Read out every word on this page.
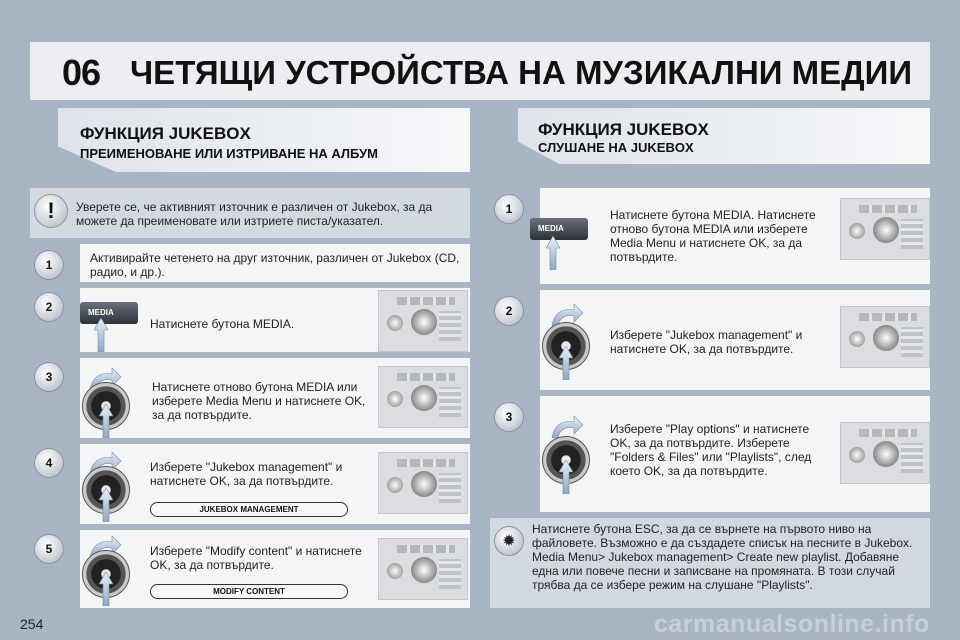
06 ЧЕТЯЩИ УСТРОЙСТВА НА МУЗИКАЛНИ МЕДИИ
ФУНКЦИЯ JUKEBOX
ПРЕИМЕНОВАНЕ ИЛИ ИЗТРИВАНЕ НА АЛБУМ
!	Уверете се, че активният източник е различен от Jukebox, за да можете да преименовате или изтриете писта/указател.
1	Активирайте четенето на друг източник, различен от Jukebox (CD, радио, и др.).
2	MEDIA
Натиснете бутона MEDIA.
3
Натиснете отново бутона MEDIA или изберете Media Menu и натиснете OK, за да потвърдите.
4	Изберете "Jukebox management" и натиснете OK, за да потвърдите.
JUKEBOX MANAGEMENT
5	Изберете "Modify content" и натиснете OK, за да потвърдите.
MODIFY CONTENT
ФУНКЦИЯ JUKEBOX
СЛУШАНЕ НА JUKEBOX
1
MEDIA
Натиснете бутона MEDIA. Натиснете отново бутона MEDIA или изберете Media Menu и натиснете OK, за да потвърдите.
2
Изберете "Jukebox management" и натиснете OK, за да потвърдите.
3
Изберете "Play options" и натиснете OK, за да потвърдите. Изберете "Folders & Files" или "Playlists", след което OK, за да потвърдите.
✹
Натиснете бутона ESC, за да се върнете на първото ниво на файловете. Възможно е да създадете списък на песните в Jukebox. Media Menu> Jukebox management> Create new playlist. Добавяне една или повече песни и записване на промяната. В този случай трябва да се избере режим на слушане "Playlists".
254	carmanualsonline.info
